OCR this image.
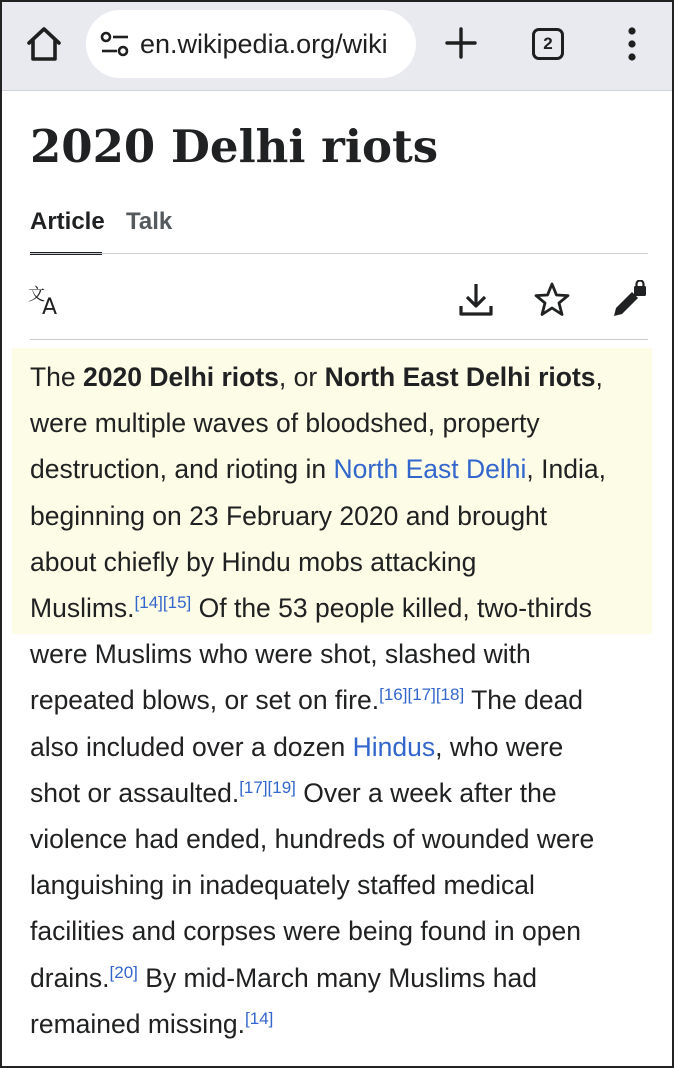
en.wikipedia.org/wiki	2
2020 Delhi riots
Article Talk
文
A
The 2020 Delhi riots, or North East Delhi riots,
were multiple waves of bloodshed, property
destruction, and rioting in North East Delhi, India,
beginning on 23 February 2020 and brought
about chiefly by Hindu mobs attacking
Muslims.[14][15] Of the 53 people killed, two-thirds
were Muslims who were shot, slashed with
repeated blows, or set on fire.[16][17][18] The dead
also included over a dozen Hindus, who were
shot or assaulted.[17][19] Over a week after the
violence had ended, hundreds of wounded were
languishing in inadequately staffed medical
facilities and corpses were being found in open
drains.[20] By mid-March many Muslims had
remained missing.[14]
